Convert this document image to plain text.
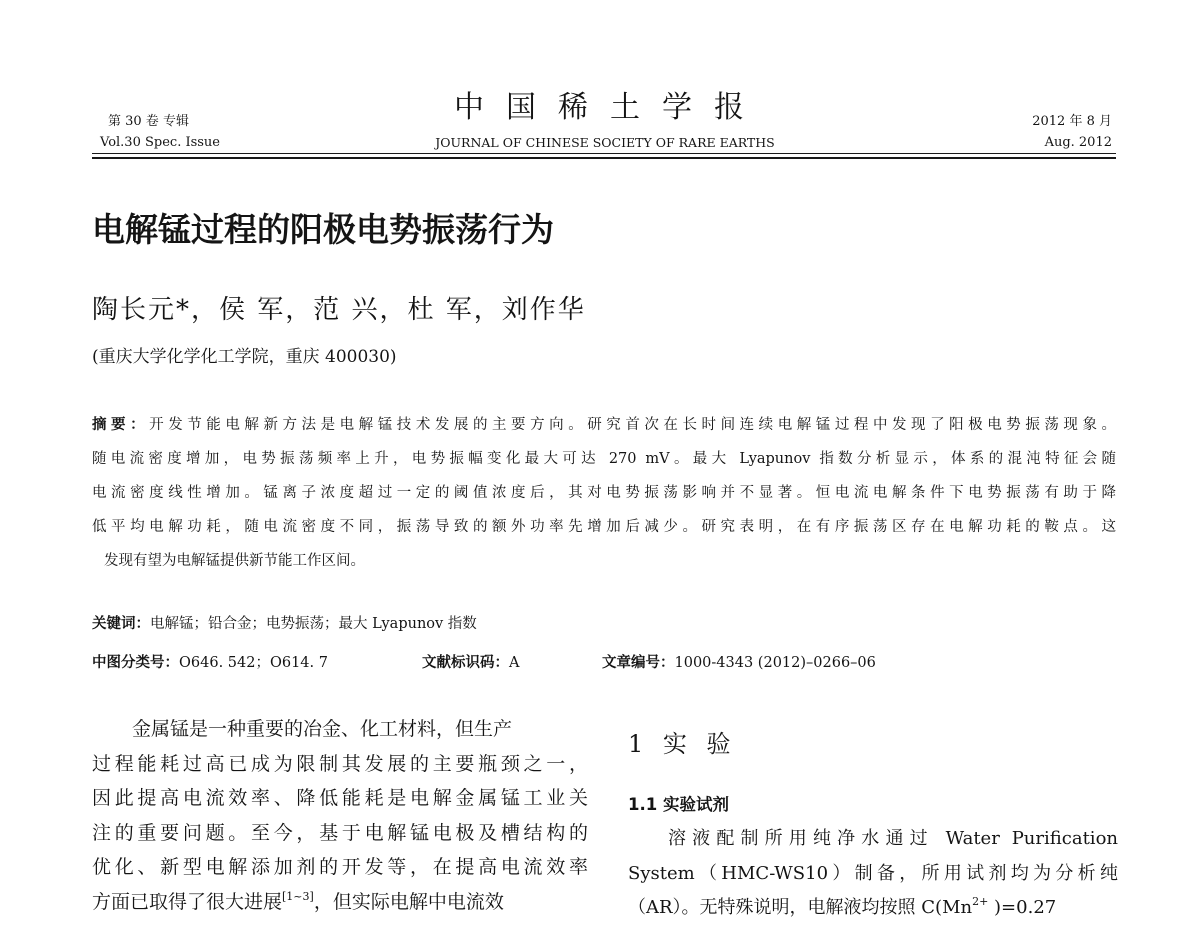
第 30 卷 专辑
Vol.30 Spec. Issue
中国稀土学报
JOURNAL OF CHINESE SOCIETY OF RARE EARTHS
2012 年 8 月
Aug. 2012
电解锰过程的阳极电势振荡行为
陶长元*，侯 军，范 兴，杜 军，刘作华
(重庆大学化学化工学院，重庆 400030)

摘要：开发节能电解新方法是电解锰技术发展的主要方向。研究首次在长时间连续电解锰过程中发现了阳极电势振荡现象。

随电流密度增加，电势振荡频率上升，电势振幅变化最大可达 270 mV。最大 Lyapunov 指数分析显示，体系的混沌特征会随

电流密度线性增加。锰离子浓度超过一定的阈值浓度后，其对电势振荡影响并不显著。恒电流电解条件下电势振荡有助于降

低平均电解功耗，随电流密度不同，振荡导致的额外功率先增加后减少。研究表明，在有序振荡区存在电解功耗的鞍点。这

发现有望为电解锰提供新节能工作区间。

关键词：电解锰；铅合金；电势振荡；最大 Lyapunov 指数
中图分类号：O646. 542；O614. 7	文献标识码：A	文章编号：1000-4343 (2012)–0266–06

金属锰是一种重要的冶金、化工材料，但生产

过程能耗过高已成为限制其发展的主要瓶颈之一，

因此提高电流效率、降低能耗是电解金属锰工业关

注的重要问题。至今，基于电解锰电极及槽结构的

优化、新型电解添加剂的开发等，在提高电流效率

方面已取得了很大进展[1~3]，但实际电解中电流效

1 实 验
1.1 实验试剂

溶液配制所用纯净水通过 Water Purification

System（HMC-WS10）制备，所用试剂均为分析纯

（AR）。无特殊说明，电解液均按照 $C(Mn^{2+}$ )=0.27
